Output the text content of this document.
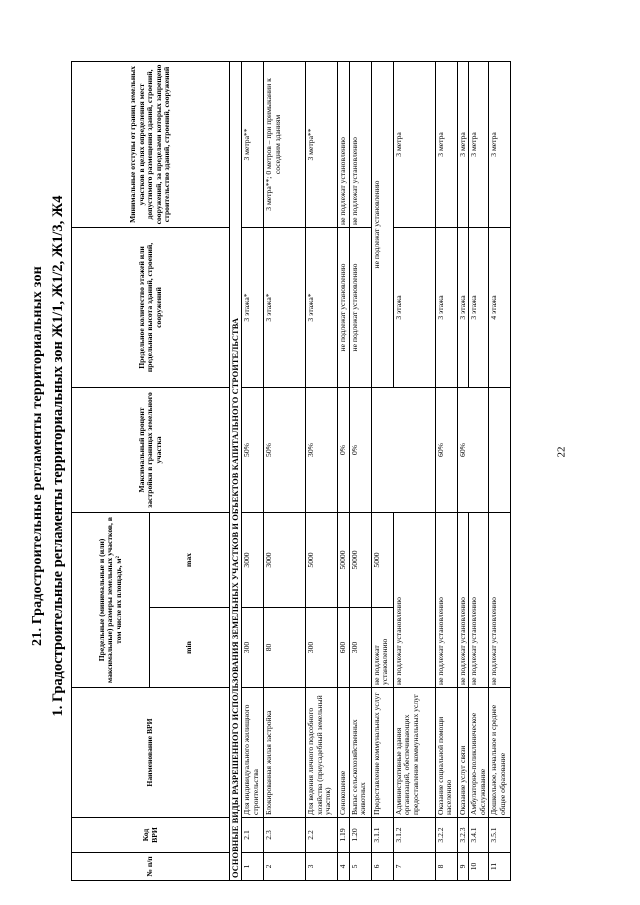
22
21. Градостроительные регламенты территориальных зон 1. Градостроительные регламенты территориальных зон Ж1/1, Ж1/2, Ж1/3, Ж4
№ п/п	Код ВРИ	Наименование ВРИ	Предельные (минимальные и (или) максимальные) размеры земельных участков, в том числе их площадь, м²		Максимальный процент застройки в границах земельного участка	Предельное количество этажей или предельная высота зданий, строений, сооружений	Минимальные отступы от границ земельных участков в целях определения мест допустимого размещения зданий, строений, сооружений, за пределами которых запрещено строительство зданий, строений, сооружений
			min	max			
ОСНОВНЫЕ ВИДЫ РАЗРЕШЕННОГО ИСПОЛЬЗОВАНИЯ ЗЕМЕЛЬНЫХ УЧАСТКОВ И ОБЪЕКТОВ КАПИТАЛЬНОГО СТРОИТЕЛЬСТВА							
1	2.1	Для индивидуального жилищного строительства	300	3000	50%	3 этажа*	3 метра**
2	2.3	Блокированная жилая застройка	80	3000	50%	3 этажа*	3 метра**; 0 метров – при примыкании к соседним зданиям
3	2.2	Для ведения личного подсобного хозяйства (приусадебный земельный участок)	300	5000	30%	3 этажа*	3 метра**
4	1.19	Сенокошение	600	50000	0%	не подлежат установлению	не подлежат установлению
5	1.20	Выпас сельскохозяйственных животных	300	50000	0%	не подлежат установлению	не подлежат установлению
6	3.1.1	Предоставление коммунальных услуг	не подлежат установлению	5000		не подлежат установлению	
7	3.1.2	Административные здания организаций, обеспечивающих предоставление коммунальных услуг	не подлежат установлению			3 этажа	3 метра
8	3.2.2	Оказание социальной помощи населению	не подлежат установлению		60%	3 этажа	3 метра
9	3.2.3	Оказание услуг связи	не подлежат установлению		60%	3 этажа	3 метра
10	3.4.1	Амбулаторно-поликлиническое обслуживание	не подлежат установлению			3 этажа	3 метра
11	3.5.1	Дошкольное, начальное и среднее общее образование	не подлежат установлению			4 этажа	3 метра
